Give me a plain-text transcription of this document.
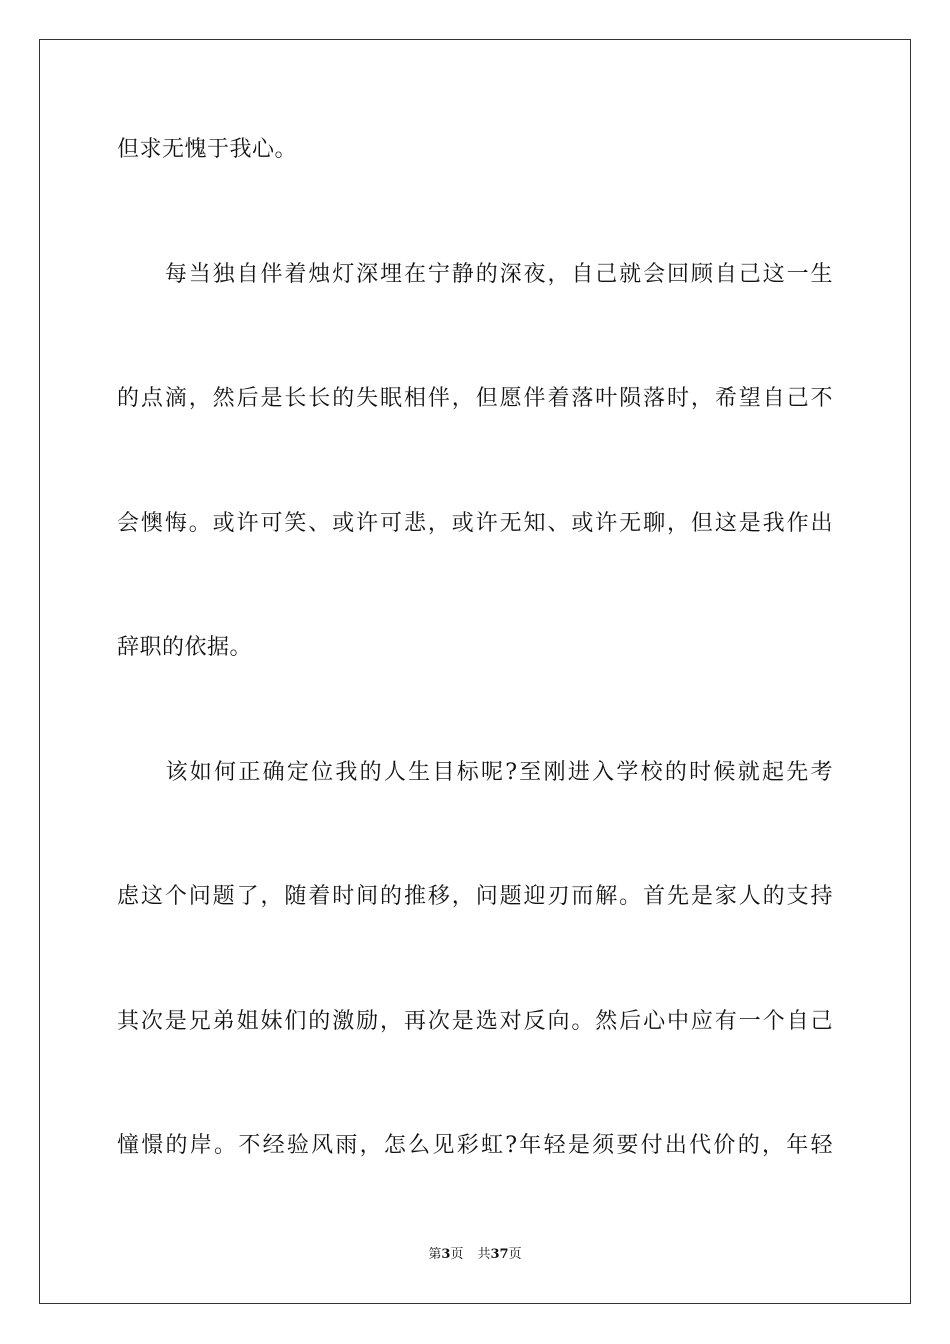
但求无愧于我心。
　　每当独自伴着烛灯深埋在宁静的深夜，自己就会回顾自己这一生
的点滴，然后是长长的失眠相伴，但愿伴着落叶陨落时，希望自己不
会懊悔。或许可笑、或许可悲，或许无知、或许无聊，但这是我作出
辞职的依据。
　　该如何正确定位我的人生目标呢?至刚进入学校的时候就起先考
虑这个问题了，随着时间的推移，问题迎刃而解。首先是家人的支持
其次是兄弟姐妹们的激励，再次是选对反向。然后心中应有一个自己
憧憬的岸。不经验风雨，怎么见彩虹?年轻是须要付出代价的，年轻
第3页 共37页
